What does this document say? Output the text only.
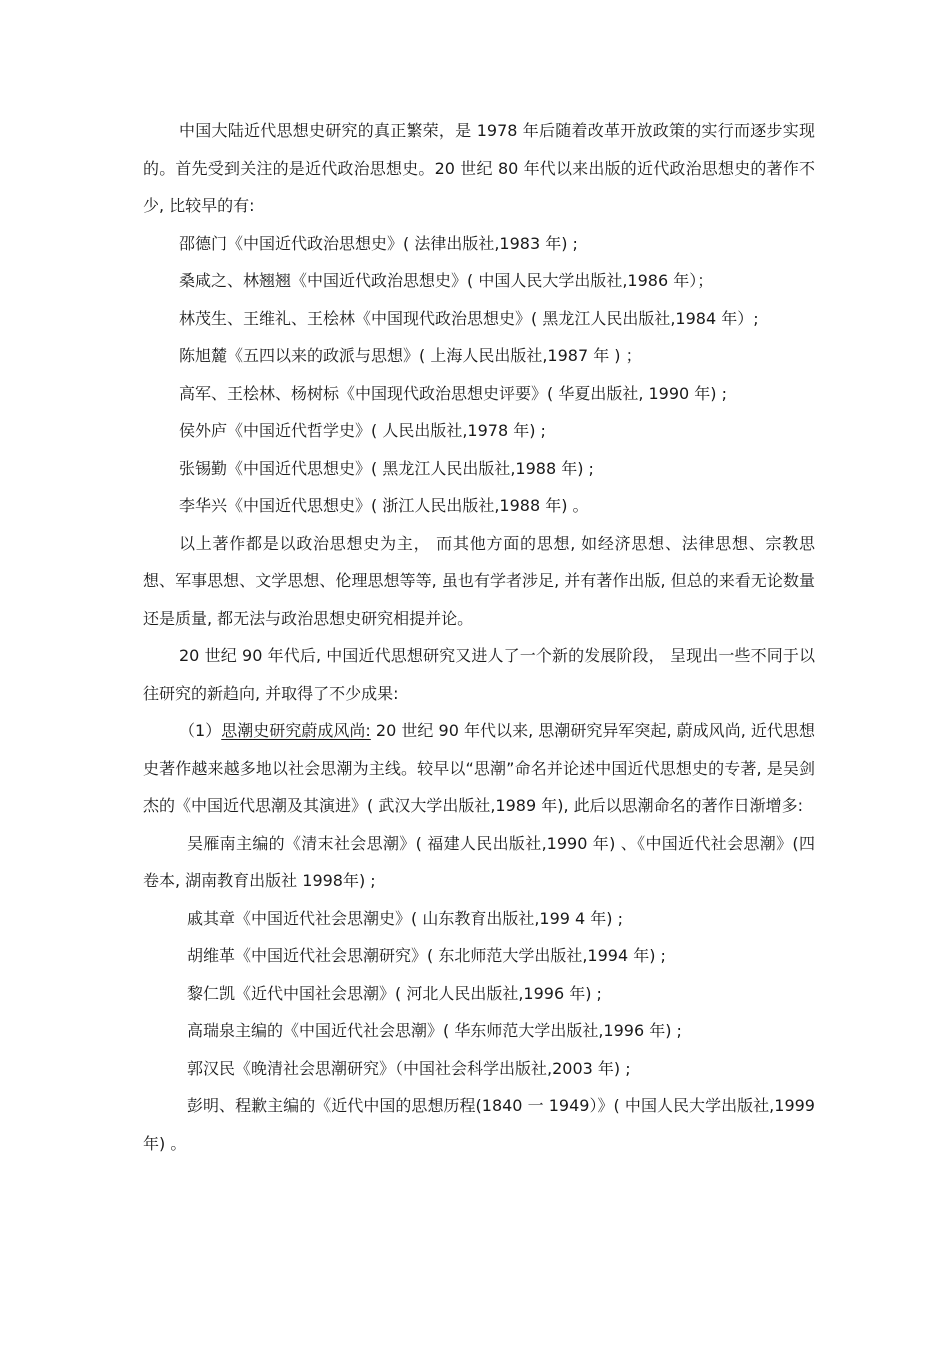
中国大陆近代思想史研究的真正繁荣，是 1978 年后随着改革开放政策的实行而逐步实现的。首先受到关注的是近代政治思想史。20 世纪 80 年代以来出版的近代政治思想史的著作不少, 比较早的有:

邵德门《中国近代政治思想史》( 法律出版社,1983 年) ;

桑咸之、林翘翘《中国近代政治思想史》( 中国人民大学出版社,1986 年）；

林茂生、王维礼、王桧林《中国现代政治思想史》( 黑龙江人民出版社,1984 年）;

陈旭麓《五四以来的政派与思想》( 上海人民出版社,1987 年 ) ；

高军、王桧林、杨树标《中国现代政治思想史评要》( 华夏出版社, 1990 年) ;

侯外庐《中国近代哲学史》( 人民出版社,1978 年) ;

张锡勤《中国近代思想史》( 黑龙江人民出版社,1988 年) ;

李华兴《中国近代思想史》( 浙江人民出版社,1988 年) 。

以上著作都是以政治思想史为主， 而其他方面的思想, 如经济思想、法律思想、宗教思想、军事思想、文学思想、伦理思想等等, 虽也有学者涉足, 并有著作出版, 但总的来看无论数量还是质量, 都无法与政治思想史研究相提并论。

20 世纪 90 年代后, 中国近代思想研究又进人了一个新的发展阶段， 呈现出一些不同于以往研究的新趋向, 并取得了不少成果:

（1）思潮史研究蔚成风尚: 20 世纪 90 年代以来, 思潮研究异军突起, 蔚成风尚, 近代思想史著作越来越多地以社会思潮为主线。较早以“思潮”命名并论述中国近代思想史的专著, 是吴剑杰的《中国近代思潮及其演进》( 武汉大学出版社,1989 年), 此后以思潮命名的著作日渐增多:

吴雁南主编的《清末社会思潮》( 福建人民出版社,1990 年) 、《中国近代社会思潮》(四卷本, 湖南教育出版社 1998年) ;

戚其章《中国近代社会思潮史》( 山东教育出版社,199 4 年) ;

胡维革《中国近代社会思潮研究》( 东北师范大学出版社,1994 年) ;

黎仁凯《近代中国社会思潮》( 河北人民出版社,1996 年) ;

高瑞泉主编的《中国近代社会思潮》( 华东师范大学出版社,1996 年) ;

郭汉民《晚清社会思潮研究》（中国社会科学出版社,2003 年) ;

彭明、程歉主编的《近代中国的思想历程(1840 一 1949）》( 中国人民大学出版社,1999 年) 。
